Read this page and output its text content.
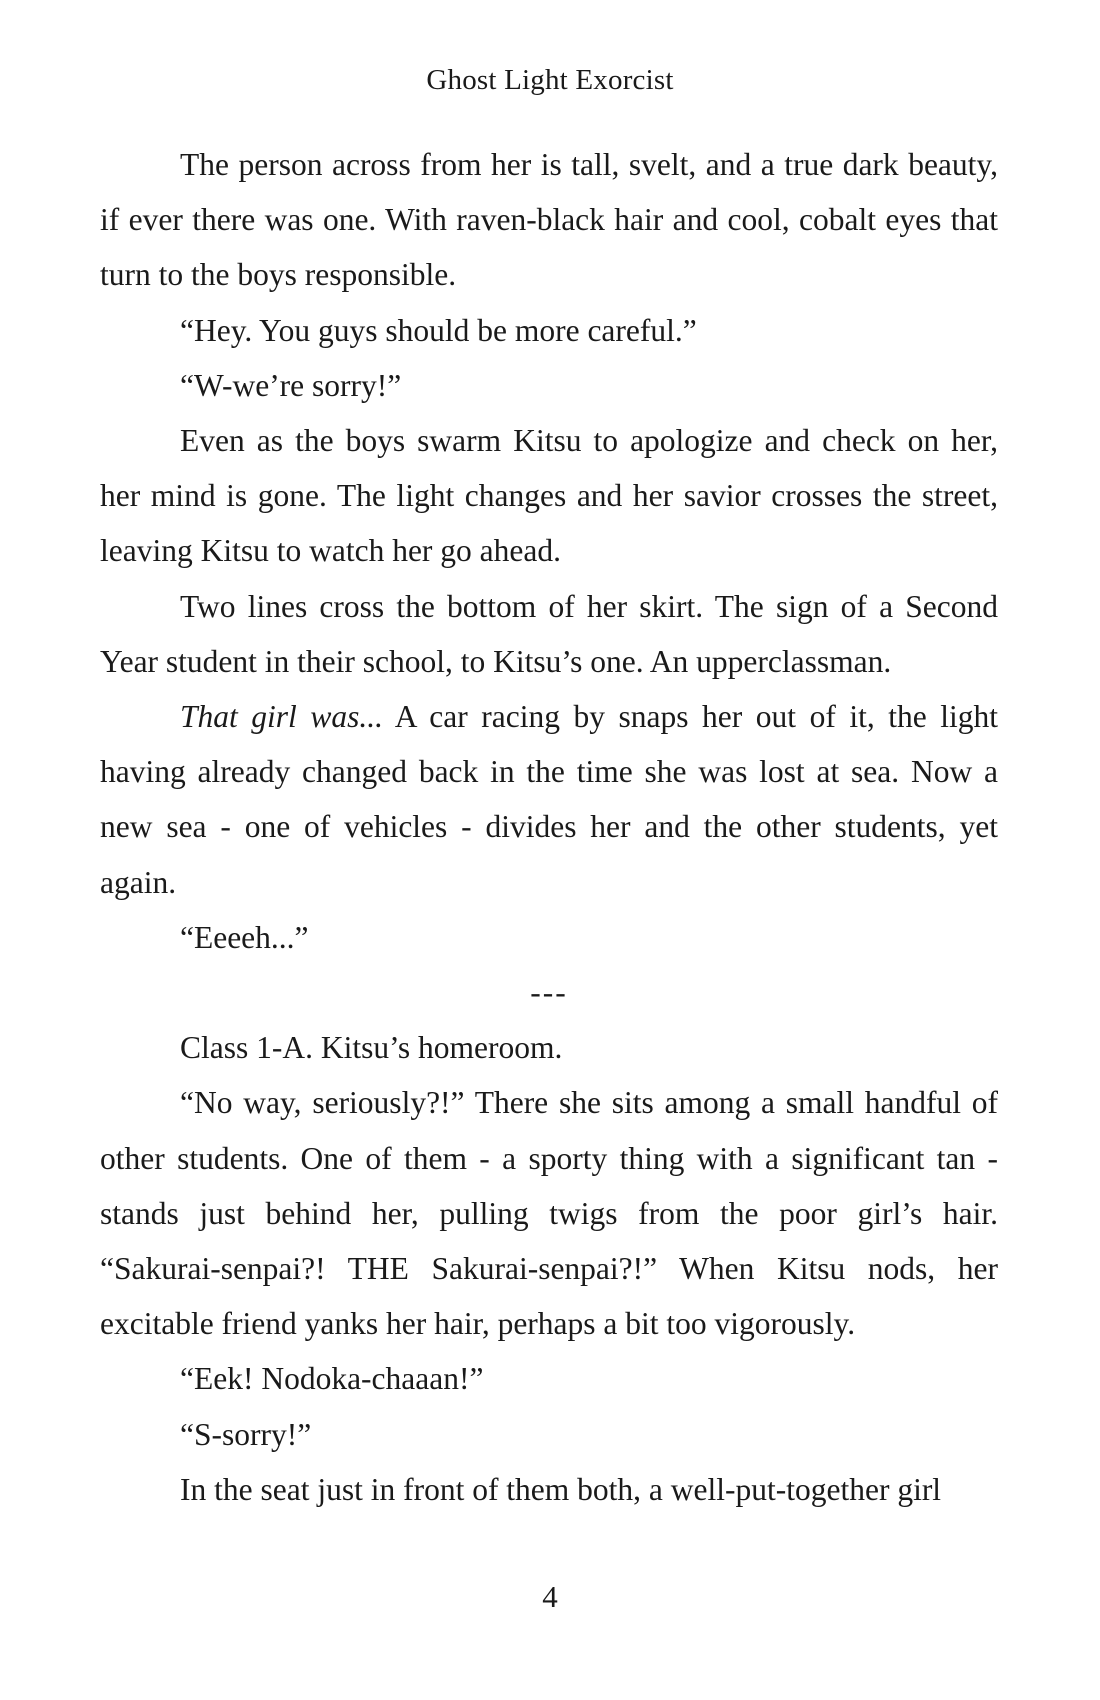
Ghost Light Exorcist

The person across from her is tall, svelt, and a true dark beauty, if ever there was one. With raven-black hair and cool, cobalt eyes that turn to the boys responsible.

“Hey. You guys should be more careful.”

“W-we’re sorry!”

Even as the boys swarm Kitsu to apologize and check on her, her mind is gone. The light changes and her savior crosses the street, leaving Kitsu to watch her go ahead.

Two lines cross the bottom of her skirt. The sign of a Second Year student in their school, to Kitsu’s one. An upperclassman.

That girl was... A car racing by snaps her out of it, the light having already changed back in the time she was lost at sea. Now a new sea - one of vehicles - divides her and the other students, yet again.

“Eeeeh...”

---

Class 1-A. Kitsu’s homeroom.

“No way, seriously?!” There she sits among a small handful of other students. One of them - a sporty thing with a significant tan - stands just behind her, pulling twigs from the poor girl’s hair. “Sakurai-senpai?! THE Sakurai-senpai?!” When Kitsu nods, her excitable friend yanks her hair, perhaps a bit too vigorously.

“Eek! Nodoka-chaaan!”

“S-sorry!”

In the seat just in front of them both, a well-put-together girl

4
